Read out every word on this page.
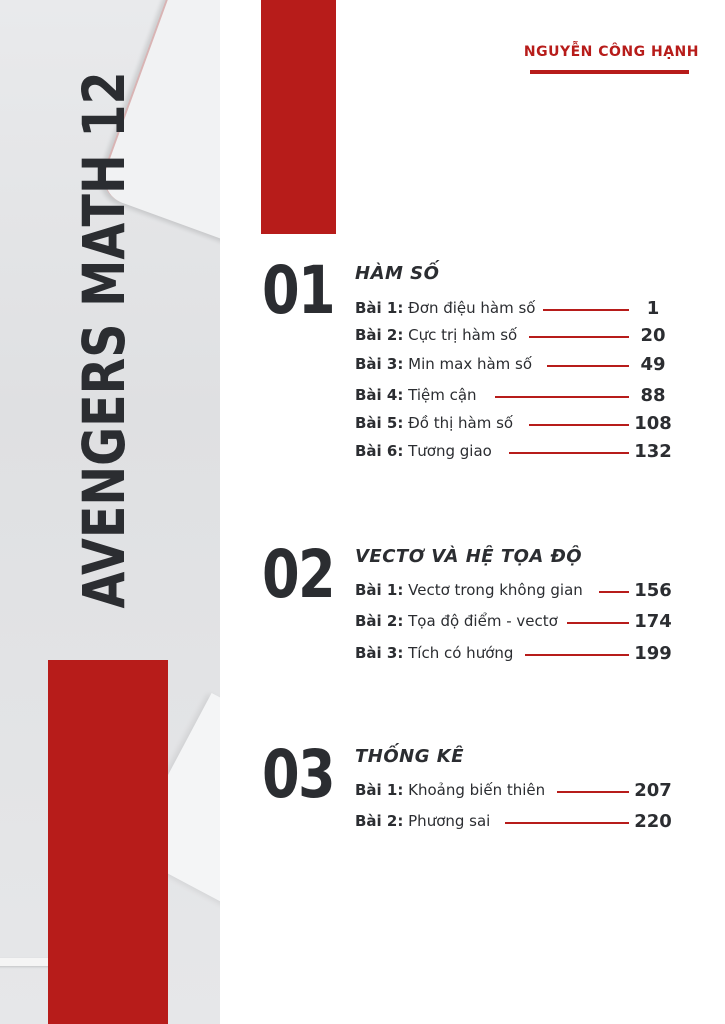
AVENGERS MATH 12
NGUYỄN CÔNG HẠNH
01 HÀM SỐ
Bài 1: Đơn điệu hàm số	1
Bài 2: Cực trị hàm số	20
Bài 3: Min max hàm số	49
Bài 4: Tiệm cận	88
Bài 5: Đồ thị hàm số	108
Bài 6: Tương giao	132
02 VECTƠ VÀ HỆ TỌA ĐỘ
Bài 1: Vectơ trong không gian	156
Bài 2: Tọa độ điểm - vectơ	174
Bài 3: Tích có hướng	199
03 THỐNG KÊ
Bài 1: Khoảng biến thiên	207
Bài 2: Phương sai	220
